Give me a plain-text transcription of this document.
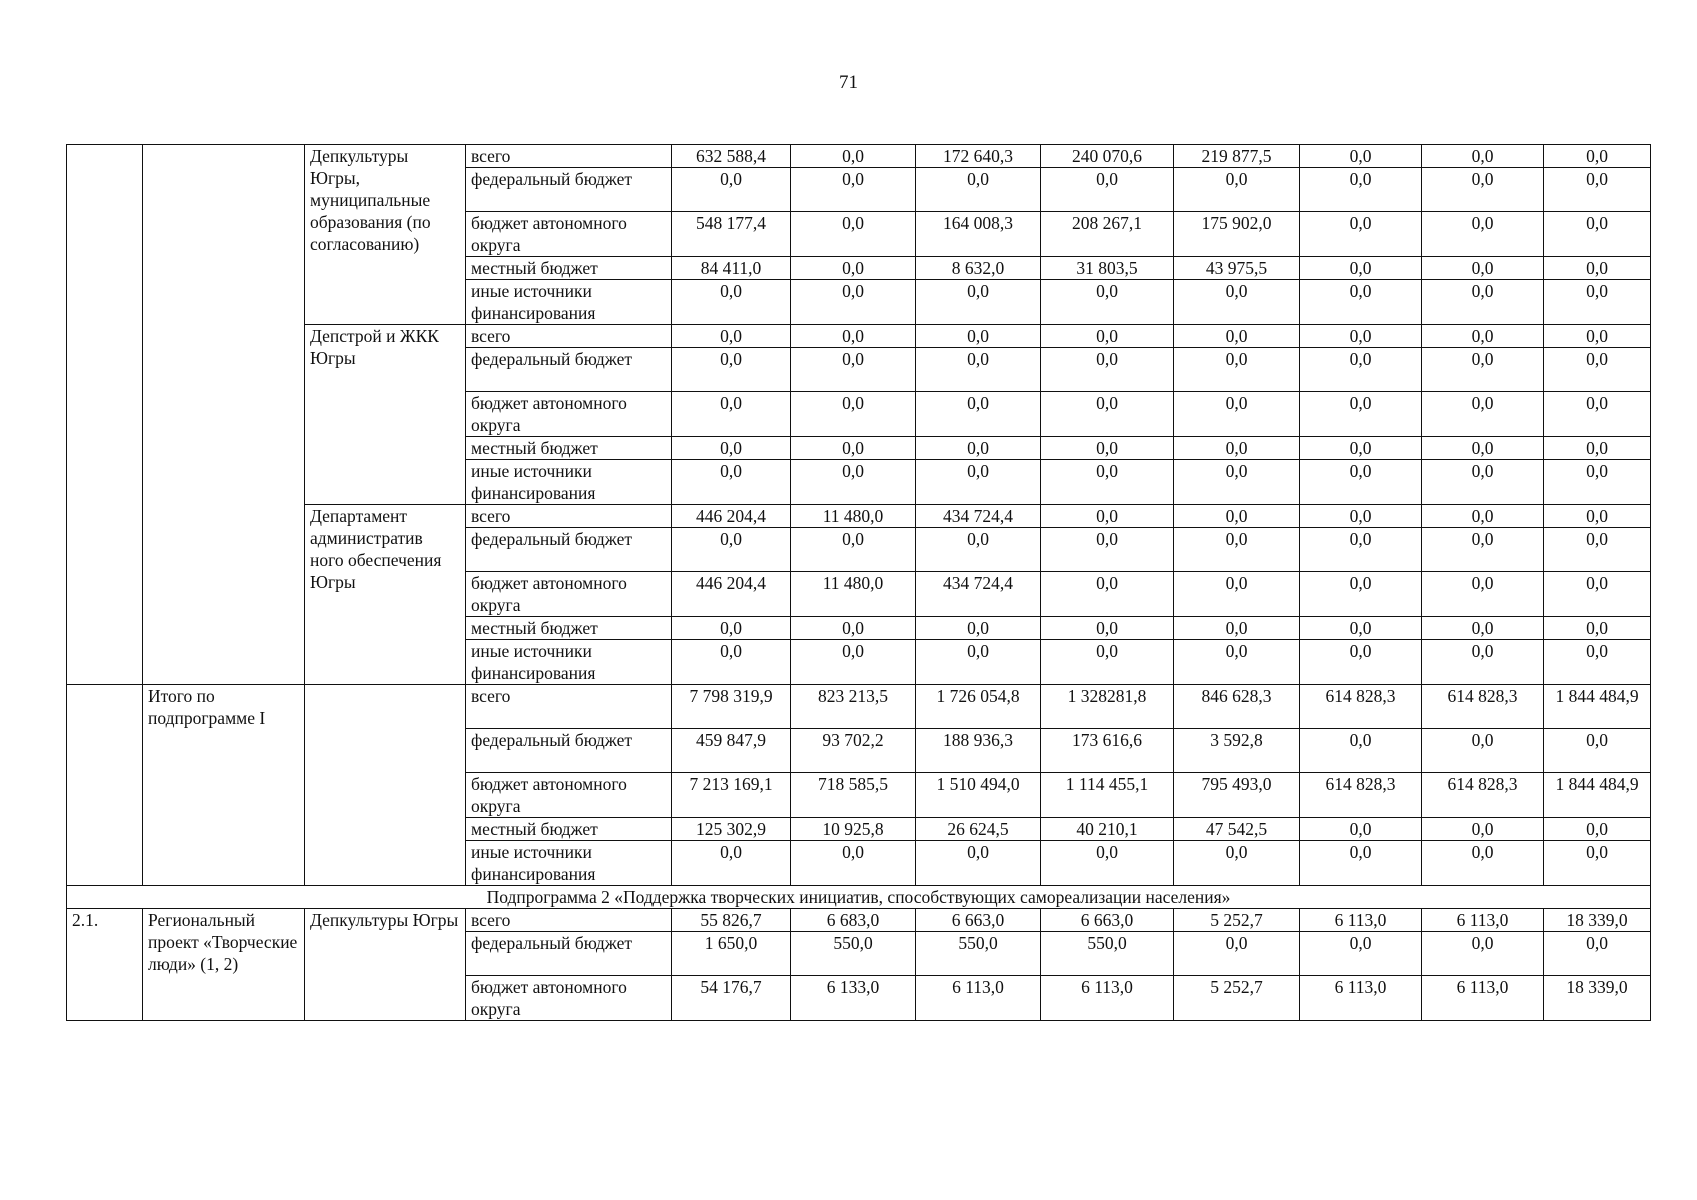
71
		Депкультуры Югры, муниципальные образования (по согласованию)	всего	632 588,4	0,0	172 640,3	240 070,6	219 877,5	0,0	0,0	0,0
			федеральный бюджет	0,0	0,0	0,0	0,0	0,0	0,0	0,0	0,0
			бюджет автономного округа	548 177,4	0,0	164 008,3	208 267,1	175 902,0	0,0	0,0	0,0
			местный бюджет	84 411,0	0,0	8 632,0	31 803,5	43 975,5	0,0	0,0	0,0
			иные источники финансирования	0,0	0,0	0,0	0,0	0,0	0,0	0,0	0,0
		Депстрой и ЖКК Югры	всего	0,0	0,0	0,0	0,0	0,0	0,0	0,0	0,0
			федеральный бюджет	0,0	0,0	0,0	0,0	0,0	0,0	0,0	0,0
			бюджет автономного округа	0,0	0,0	0,0	0,0	0,0	0,0	0,0	0,0
			местный бюджет	0,0	0,0	0,0	0,0	0,0	0,0	0,0	0,0
			иные источники финансирования	0,0	0,0	0,0	0,0	0,0	0,0	0,0	0,0
		Департамент административ ного обеспечения Югры	всего	446 204,4	11 480,0	434 724,4	0,0	0,0	0,0	0,0	0,0
			федеральный бюджет	0,0	0,0	0,0	0,0	0,0	0,0	0,0	0,0
			бюджет автономного округа	446 204,4	11 480,0	434 724,4	0,0	0,0	0,0	0,0	0,0
			местный бюджет	0,0	0,0	0,0	0,0	0,0	0,0	0,0	0,0
			иные источники финансирования	0,0	0,0	0,0	0,0	0,0	0,0	0,0	0,0
	Итого по подпрограмме I		всего	7 798 319,9	823 213,5	1 726 054,8	1 328281,8	846 628,3	614 828,3	614 828,3	1 844 484,9
			федеральный бюджет	459 847,9	93 702,2	188 936,3	173 616,6	3 592,8	0,0	0,0	0,0
			бюджет автономного округа	7 213 169,1	718 585,5	1 510 494,0	1 114 455,1	795 493,0	614 828,3	614 828,3	1 844 484,9
			местный бюджет	125 302,9	10 925,8	26 624,5	40 210,1	47 542,5	0,0	0,0	0,0
			иные источники финансирования	0,0	0,0	0,0	0,0	0,0	0,0	0,0	0,0
Подпрограмма 2 «Поддержка творческих инициатив, способствующих самореализации населения»											
2.1.	Региональный проект «Творческие люди» (1, 2)	Депкультуры Югры	всего	55 826,7	6 683,0	6 663,0	6 663,0	5 252,7	6 113,0	6 113,0	18 339,0
			федеральный бюджет	1 650,0	550,0	550,0	550,0	0,0	0,0	0,0	0,0
			бюджет автономного округа	54 176,7	6 133,0	6 113,0	6 113,0	5 252,7	6 113,0	6 113,0	18 339,0
